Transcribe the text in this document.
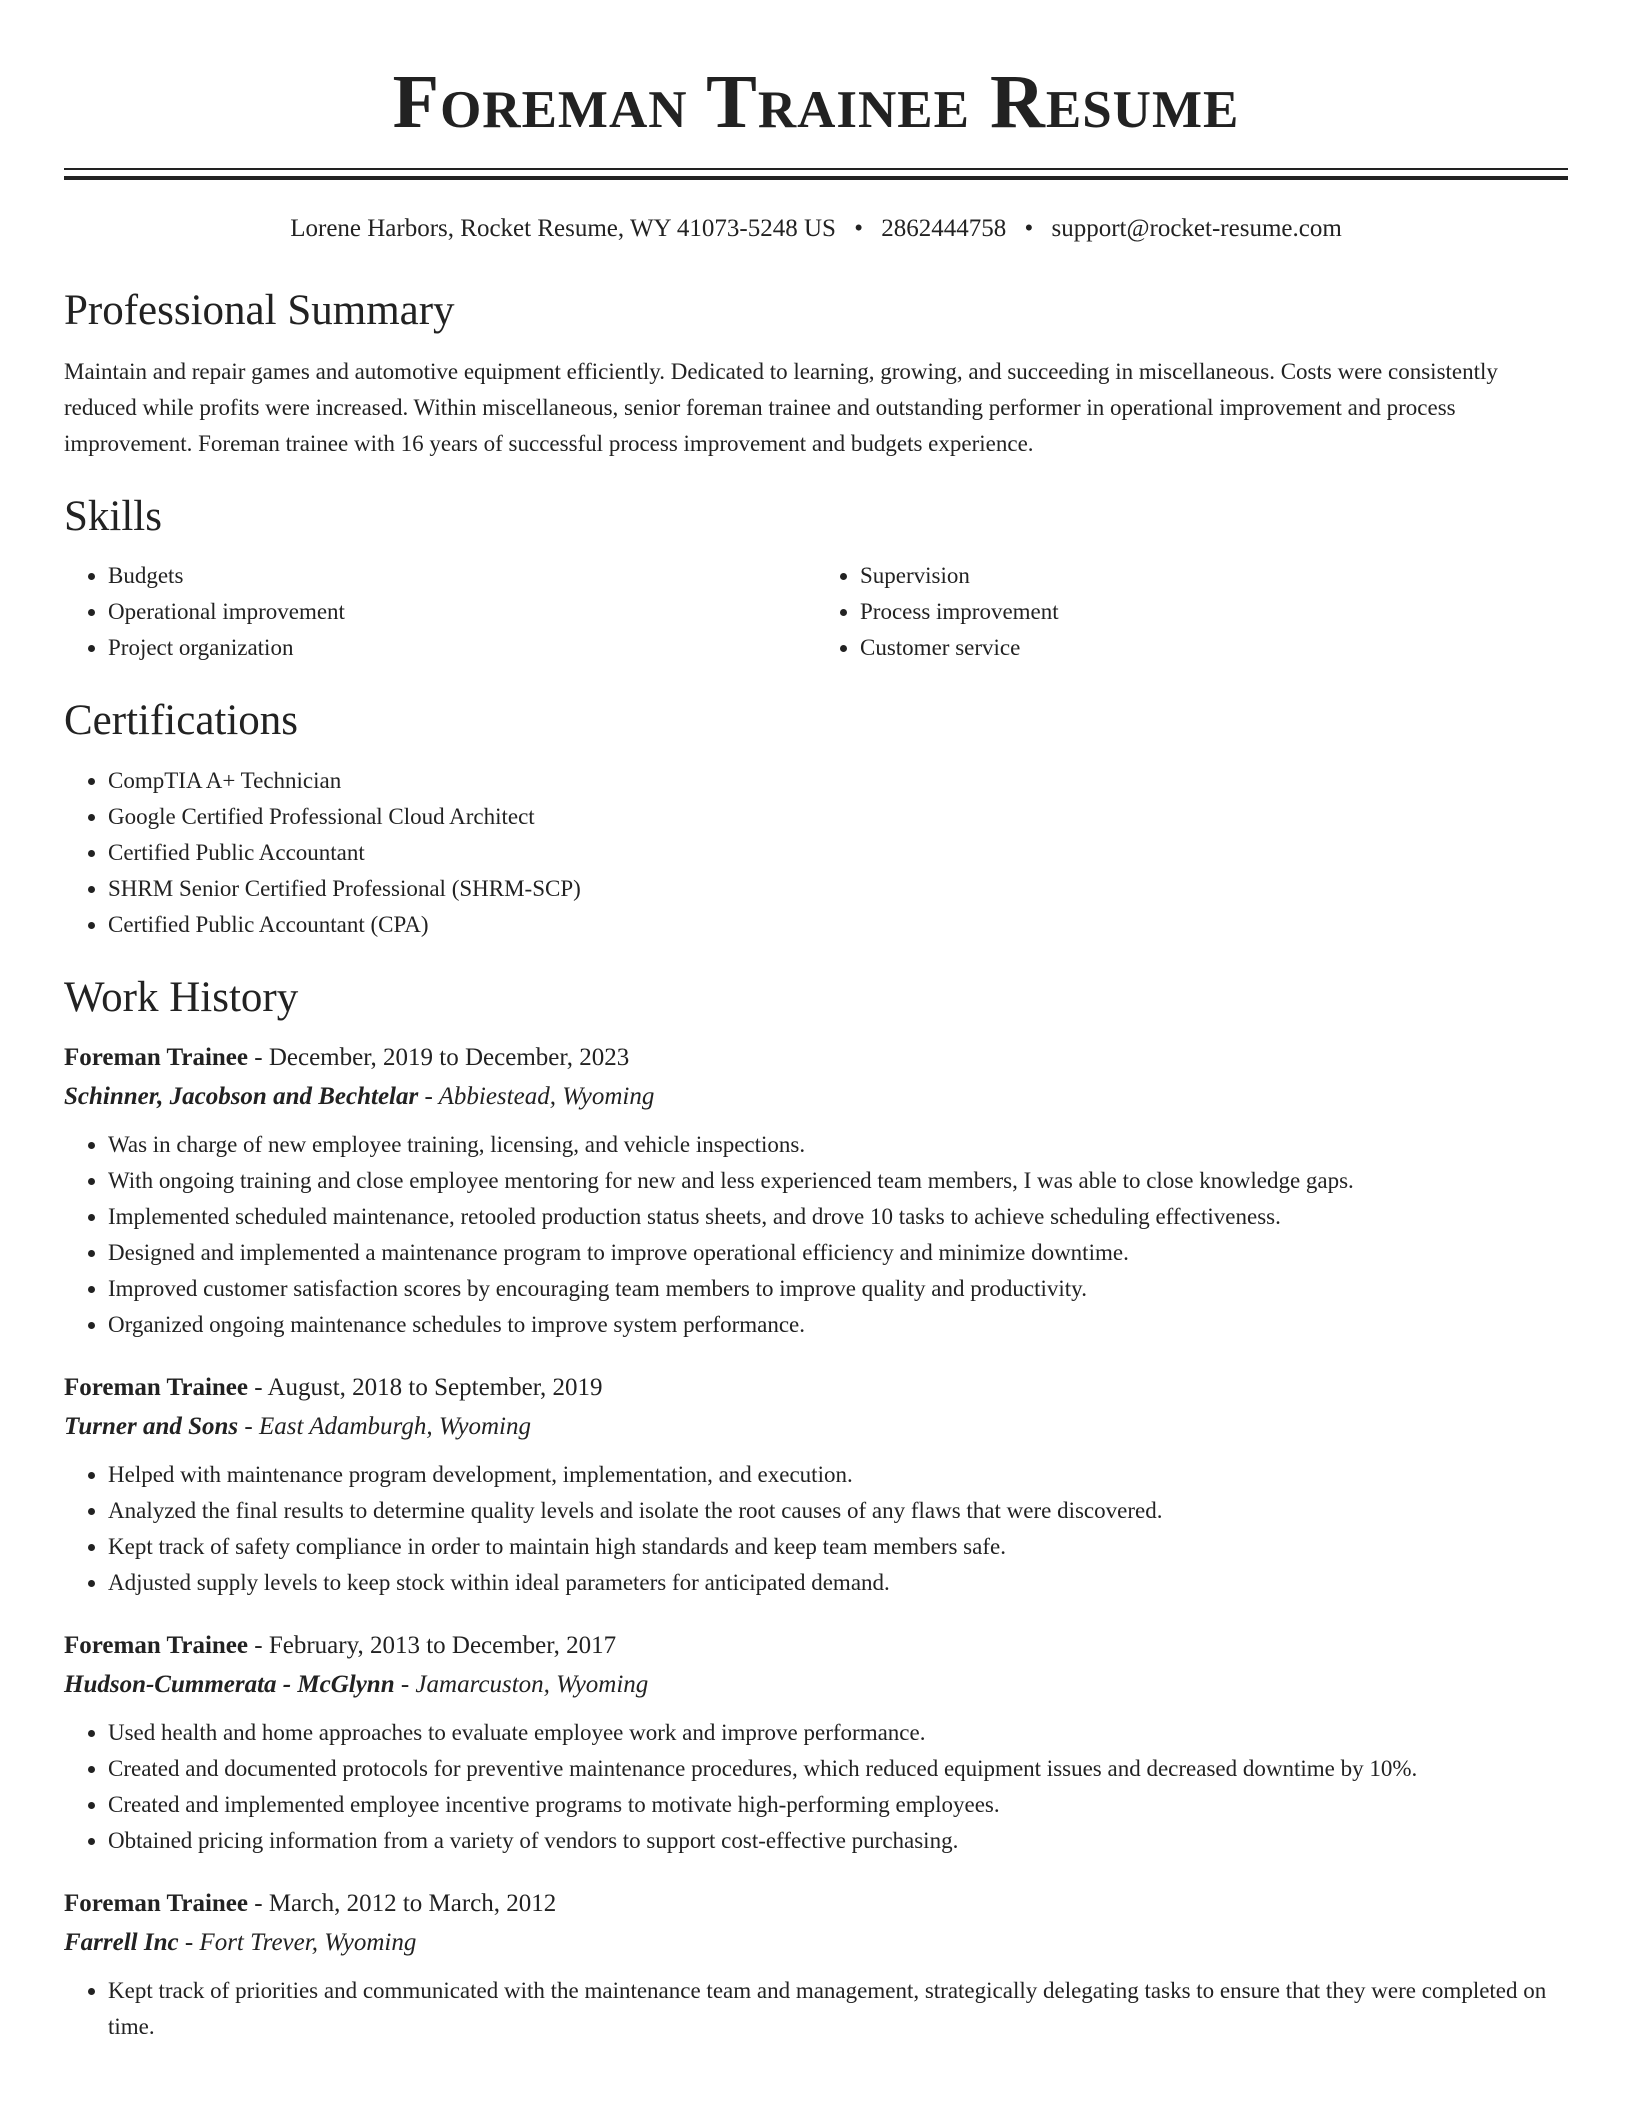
Foreman Trainee Resume
Lorene Harbors, Rocket Resume, WY 41073-5248 US • 2862444758 • support@rocket-resume.com
Professional Summary
Maintain and repair games and automotive equipment efficiently. Dedicated to learning, growing, and succeeding in miscellaneous. Costs were consistently reduced while profits were increased. Within miscellaneous, senior foreman trainee and outstanding performer in operational improvement and process improvement. Foreman trainee with 16 years of successful process improvement and budgets experience.
Skills
• Budgets
• Operational improvement
• Project organization
• Supervision
• Process improvement
• Customer service
Certifications
• CompTIA A+ Technician
• Google Certified Professional Cloud Architect
• Certified Public Accountant
• SHRM Senior Certified Professional (SHRM-SCP)
• Certified Public Accountant (CPA)
Work History
Foreman Trainee - December, 2019 to December, 2023
Schinner, Jacobson and Bechtelar - Abbiestead, Wyoming
• Was in charge of new employee training, licensing, and vehicle inspections.
• With ongoing training and close employee mentoring for new and less experienced team members, I was able to close knowledge gaps.
• Implemented scheduled maintenance, retooled production status sheets, and drove 10 tasks to achieve scheduling effectiveness.
• Designed and implemented a maintenance program to improve operational efficiency and minimize downtime.
• Improved customer satisfaction scores by encouraging team members to improve quality and productivity.
• Organized ongoing maintenance schedules to improve system performance.
Foreman Trainee - August, 2018 to September, 2019
Turner and Sons - East Adamburgh, Wyoming
• Helped with maintenance program development, implementation, and execution.
• Analyzed the final results to determine quality levels and isolate the root causes of any flaws that were discovered.
• Kept track of safety compliance in order to maintain high standards and keep team members safe.
• Adjusted supply levels to keep stock within ideal parameters for anticipated demand.
Foreman Trainee - February, 2013 to December, 2017
Hudson-Cummerata - McGlynn - Jamarcuston, Wyoming
• Used health and home approaches to evaluate employee work and improve performance.
• Created and documented protocols for preventive maintenance procedures, which reduced equipment issues and decreased downtime by 10%.
• Created and implemented employee incentive programs to motivate high-performing employees.
• Obtained pricing information from a variety of vendors to support cost-effective purchasing.
Foreman Trainee - March, 2012 to March, 2012
Farrell Inc - Fort Trever, Wyoming
• Kept track of priorities and communicated with the maintenance team and management, strategically delegating tasks to ensure that they were completed on time.
